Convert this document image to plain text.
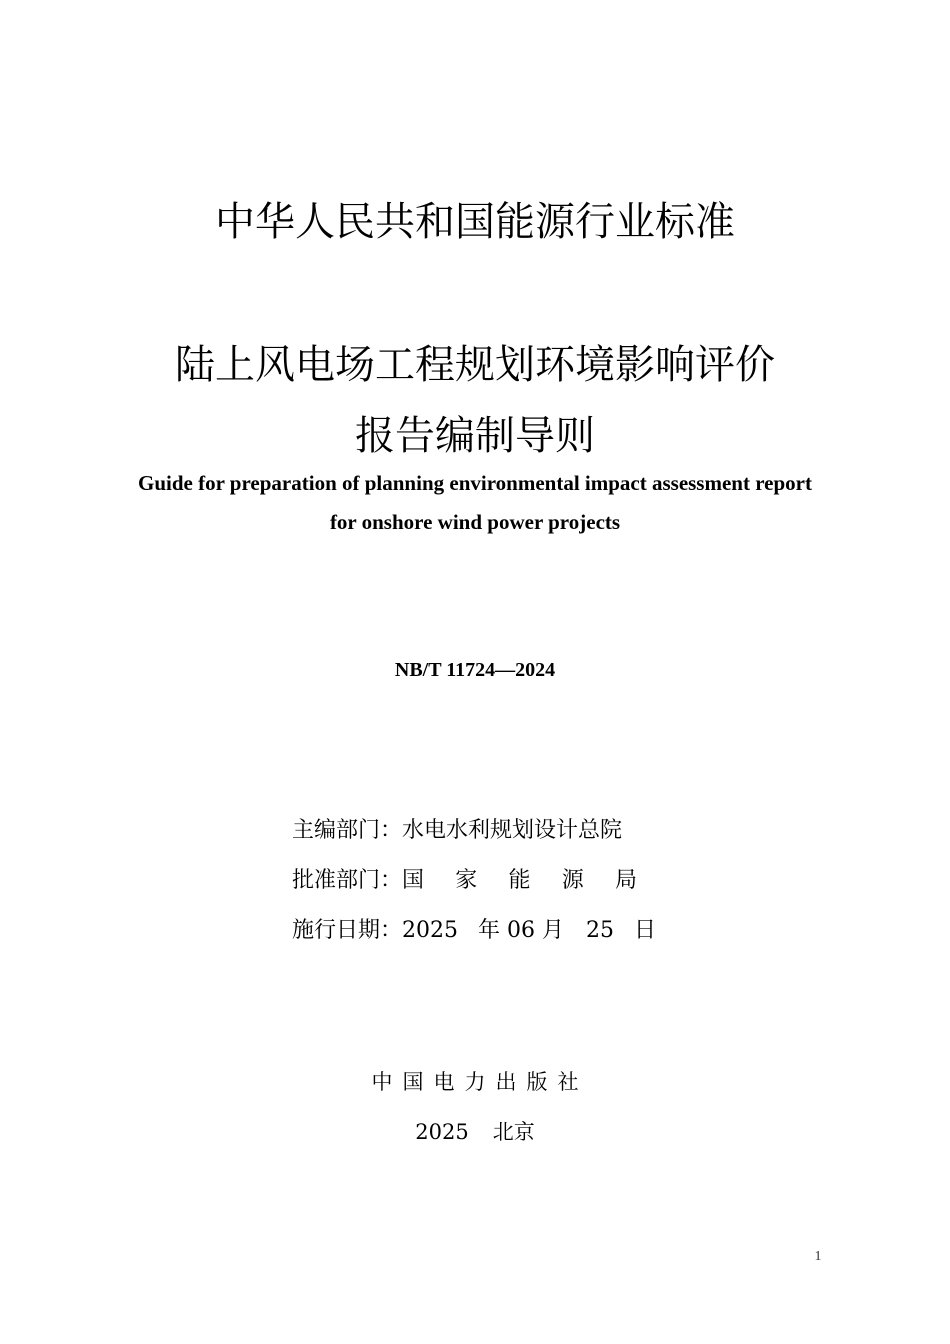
中华人民共和国能源行业标准
陆上风电场工程规划环境影响评价
报告编制导则
Guide for preparation of planning environmental impact assessment report
for onshore wind power projects
NB/T 11724—2024
主编部门：水电水利规划设计总院
批准部门： 国 家 能 源 局
施行日期：2025 年 06 月 25 日
中国电力出版社
2025 北京
1
